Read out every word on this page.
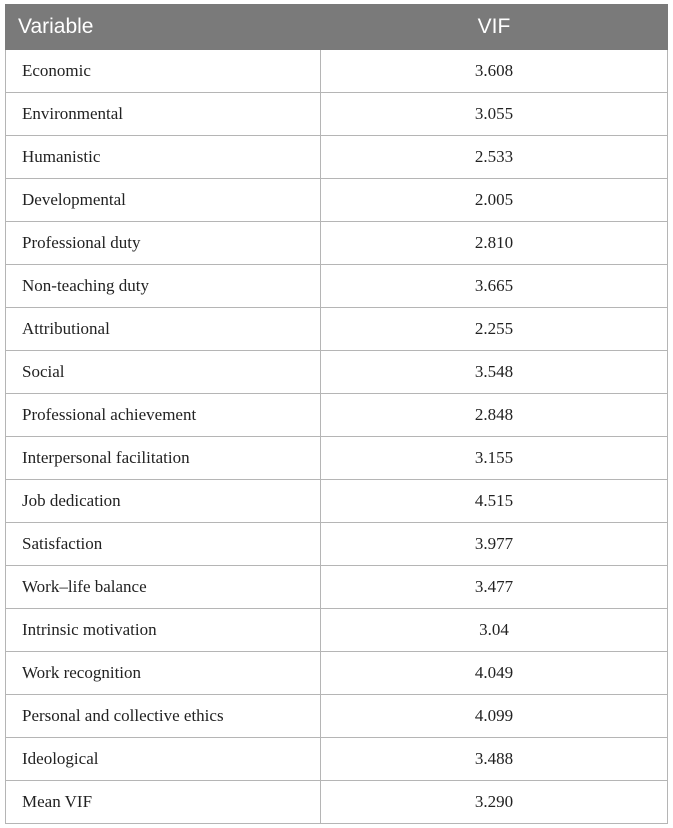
Variable	VIF
Economic	3.608
Environmental	3.055
Humanistic	2.533
Developmental	2.005
Professional duty	2.810
Non-teaching duty	3.665
Attributional	2.255
Social	3.548
Professional achievement	2.848
Interpersonal facilitation	3.155
Job dedication	4.515
Satisfaction	3.977
Work–life balance	3.477
Intrinsic motivation	3.04
Work recognition	4.049
Personal and collective ethics	4.099
Ideological	3.488
Mean VIF	3.290
